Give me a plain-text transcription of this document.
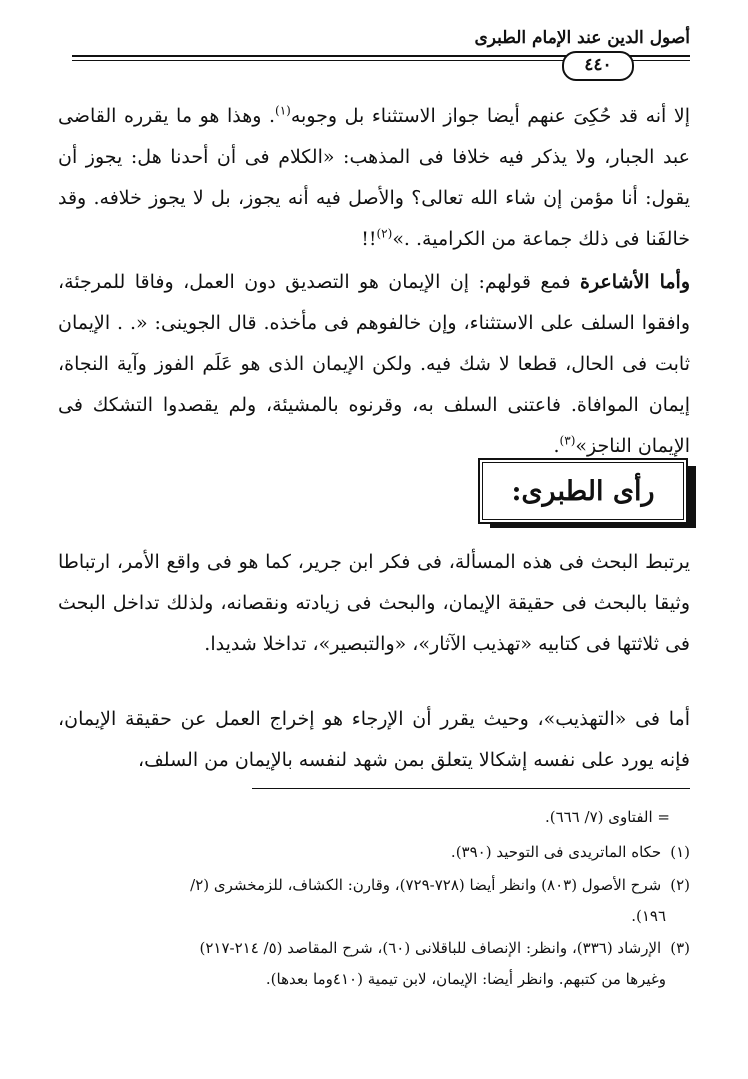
أصول الدين عند الإمام الطبرى
٤٤٠

إلا أنه قد حُكِىَ عنهم أيضا جواز الاستثناء بل وجوبه$^{(١)}$. وهذا هو ما يقرره القاضى عبد الجبار، ولا يذكر فيه خلافا فى المذهب: «الكلام فى أن أحدنا هل: يجوز أن يقول: أنا مؤمن إن شاء الله تعالى؟ والأصل فيه أنه يجوز، بل لا يجوز خلافه. وقد خالفَنا فى ذلك جماعة من الكرامية. .»$^{(٢)}$!!

وأما الأشاعرة فمع قولهم: إن الإيمان هو التصديق دون العمل، وفاقا للمرجئة، وافقوا السلف على الاستثناء، وإن خالفوهم فى مأخذه. قال الجوينى: «. . الإيمان ثابت فى الحال، قطعا لا شك فيه. ولكن الإيمان الذى هو عَلَم الفوز وآية النجاة، إيمان الموافاة. فاعتنى السلف به، وقرنوه بالمشيئة، ولم يقصدوا التشكك فى الإيمان الناجز»$^{(٣)}$.

رأى الطبرى:

يرتبط البحث فى هذه المسألة، فى فكر ابن جرير، كما هو فى واقع الأمر، ارتباطا وثيقا بالبحث فى حقيقة الإيمان، والبحث فى زيادته ونقصانه، ولذلك تداخل البحث فى ثلاثتها فى كتابيه «تهذيب الآثار»، «والتبصير»، تداخلا شديدا.

أما فى «التهذيب»، وحيث يقرر أن الإرجاء هو إخراج العمل عن حقيقة الإيمان، فإنه يورد على نفسه إشكالا يتعلق بمن شهد لنفسه بالإيمان من السلف،

= الفتاوى (٧/ ٦٦٦).

(١) حكاه الماتريدى فى التوحيد (٣٩٠).

(٢) شرح الأصول (٨٠٣) وانظر أيضا (٧٢٨-٧٢٩)، وقارن: الكشاف، للزمخشرى (٢/
١٩٦).

(٣) الإرشاد (٣٣٦)، وانظر: الإنصاف للباقلانى (٦٠)، شرح المقاصد (٥/ ٢١٤-٢١٧)
وغيرها من كتبهم. وانظر أيضا: الإيمان، لابن تيمية (٤١٠وما بعدها).
